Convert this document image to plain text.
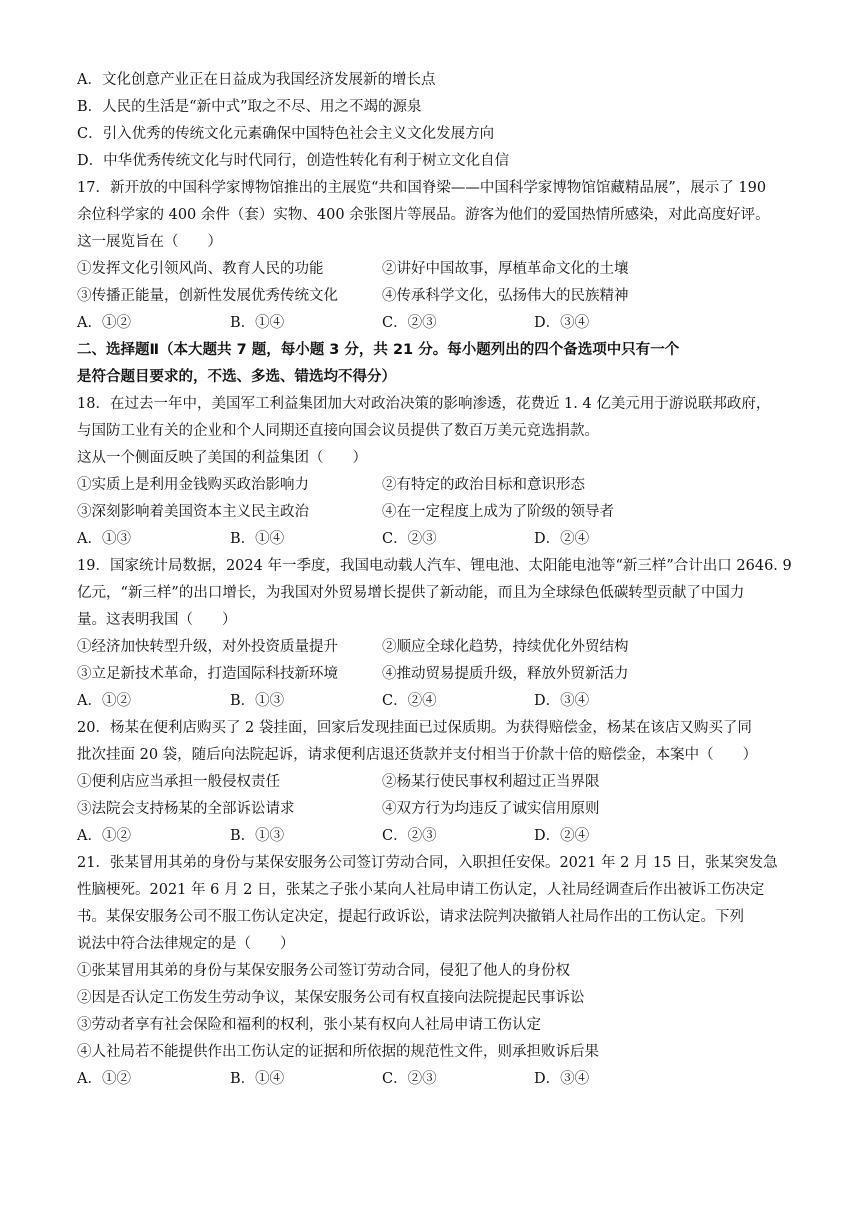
A．文化创意产业正在日益成为我国经济发展新的增长点
B．人民的生活是“新中式”取之不尽、用之不竭的源泉
C．引入优秀的传统文化元素确保中国特色社会主义文化发展方向
D．中华优秀传统文化与时代同行，创造性转化有利于树立文化自信
17．新开放的中国科学家博物馆推出的主展览“共和国脊梁——中国科学家博物馆馆藏精品展”，展示了 190
余位科学家的 400 余件（套）实物、400 余张图片等展品。游客为他们的爱国热情所感染，对此高度好评。
这一展览旨在（　　）
①发挥文化引领风尚、教育人民的功能	②讲好中国故事，厚植革命文化的土壤
③传播正能量，创新性发展优秀传统文化	④传承科学文化，弘扬伟大的民族精神
A．①②	B．①④	C．②③	D．③④
二、选择题Ⅱ（本大题共 7 题，每小题 3 分，共 21 分。每小题列出的四个备选项中只有一个
是符合题目要求的，不选、多选、错选均不得分）
18．在过去一年中，美国军工利益集团加大对政治决策的影响渗透，花费近 1. 4 亿美元用于游说联邦政府，
与国防工业有关的企业和个人同期还直接向国会议员提供了数百万美元竞选捐款。
这从一个侧面反映了美国的利益集团（　　）
①实质上是利用金钱购买政治影响力	②有特定的政治目标和意识形态
③深刻影响着美国资本主义民主政治	④在一定程度上成为了阶级的领导者
A．①③	B．①④	C．②③	D．②④
19．国家统计局数据，2024 年一季度，我国电动载人汽车、锂电池、太阳能电池等“新三样”合计出口 2646. 9
亿元，“新三样”的出口增长，为我国对外贸易增长提供了新动能，而且为全球绿色低碳转型贡献了中国力
量。这表明我国（　　）
①经济加快转型升级，对外投资质量提升	②顺应全球化趋势，持续优化外贸结构
③立足新技术革命，打造国际科技新环境	④推动贸易提质升级，释放外贸新活力
A．①②	B．①③	C．②④	D．③④
20．杨某在便利店购买了 2 袋挂面，回家后发现挂面已过保质期。为获得赔偿金，杨某在该店又购买了同
批次挂面 20 袋，随后向法院起诉，请求便利店退还货款并支付相当于价款十倍的赔偿金，本案中（　　）
①便利店应当承担一般侵权责任	②杨某行使民事权利超过正当界限
③法院会支持杨某的全部诉讼请求	④双方行为均违反了诚实信用原则
A．①②	B．①③	C．②③	D．②④
21．张某冒用其弟的身份与某保安服务公司签订劳动合同，入职担任安保。2021 年 2 月 15 日，张某突发急
性脑梗死。2021 年 6 月 2 日，张某之子张小某向人社局申请工伤认定，人社局经调查后作出被诉工伤决定
书。某保安服务公司不服工伤认定决定，提起行政诉讼，请求法院判决撤销人社局作出的工伤认定。下列
说法中符合法律规定的是（　　）
①张某冒用其弟的身份与某保安服务公司签订劳动合同，侵犯了他人的身份权
②因是否认定工伤发生劳动争议，某保安服务公司有权直接向法院提起民事诉讼
③劳动者享有社会保险和福利的权利，张小某有权向人社局申请工伤认定
④人社局若不能提供作出工伤认定的证据和所依据的规范性文件，则承担败诉后果
A．①②	B．①④	C．②③	D．③④
